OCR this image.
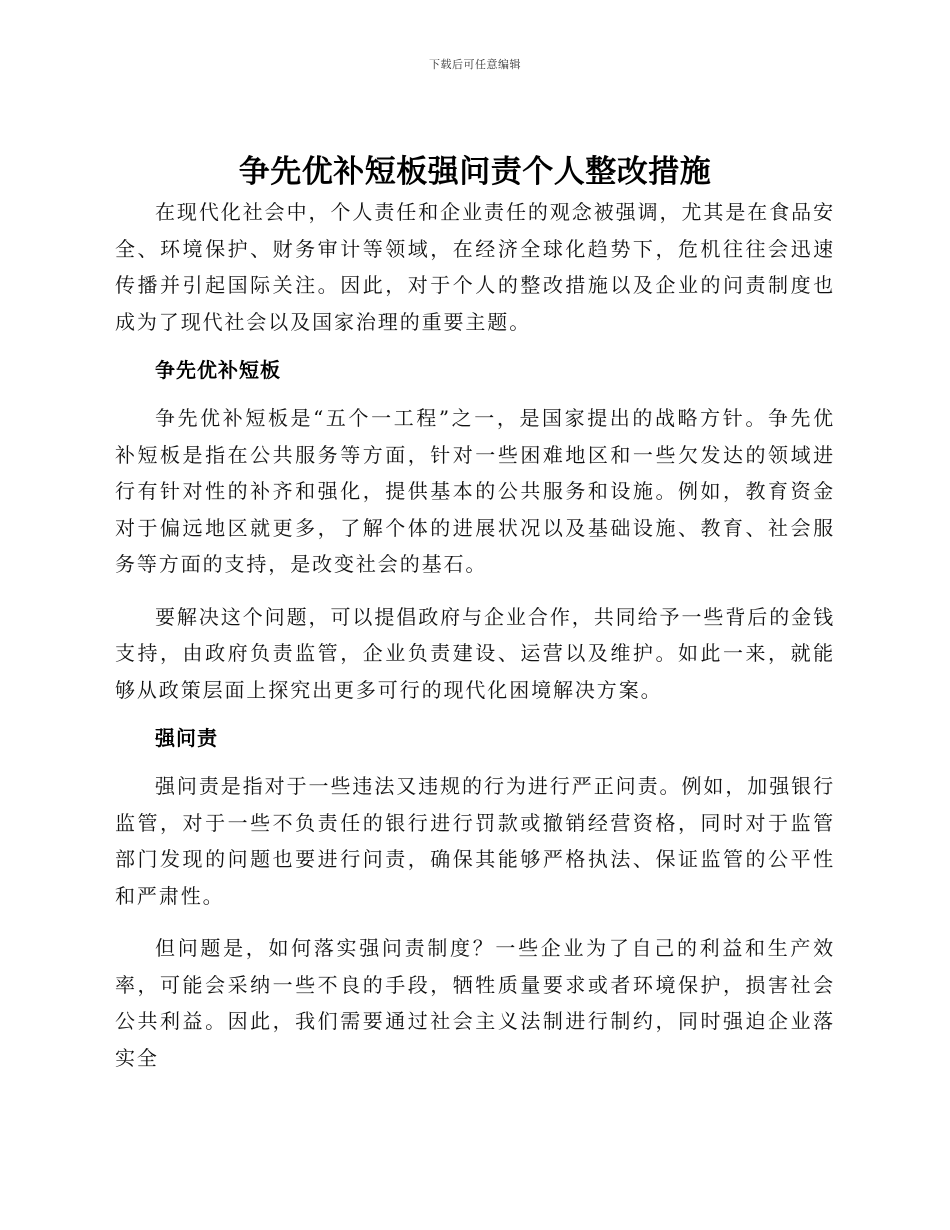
下载后可任意编辑
争先优补短板强问责个人整改措施

在现代化社会中，个人责任和企业责任的观念被强调，尤其是在食品安全、环境保护、财务审计等领域，在经济全球化趋势下，危机往往会迅速传播并引起国际关注。因此，对于个人的整改措施以及企业的问责制度也成为了现代社会以及国家治理的重要主题。

争先优补短板

争先优补短板是“五个一工程”之一，是国家提出的战略方针。争先优补短板是指在公共服务等方面，针对一些困难地区和一些欠发达的领域进行有针对性的补齐和强化，提供基本的公共服务和设施。例如，教育资金对于偏远地区就更多，了解个体的进展状况以及基础设施、教育、社会服务等方面的支持，是改变社会的基石。

要解决这个问题，可以提倡政府与企业合作，共同给予一些背后的金钱支持，由政府负责监管，企业负责建设、运营以及维护。如此一来，就能够从政策层面上探究出更多可行的现代化困境解决方案。

强问责

强问责是指对于一些违法又违规的行为进行严正问责。例如，加强银行监管，对于一些不负责任的银行进行罚款或撤销经营资格，同时对于监管部门发现的问题也要进行问责，确保其能够严格执法、保证监管的公平性和严肃性。

但问题是，如何落实强问责制度？一些企业为了自己的利益和生产效率，可能会采纳一些不良的手段，牺牲质量要求或者环境保护，损害社会公共利益。因此，我们需要通过社会主义法制进行制约，同时强迫企业落实全
